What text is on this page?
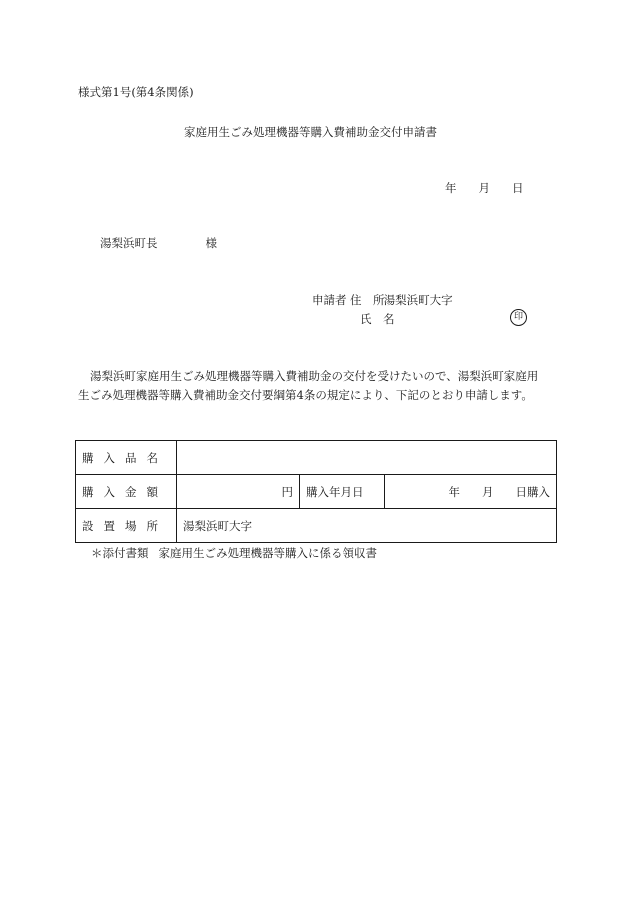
様式第1号(第4条関係)
家庭用生ごみ処理機器等購入費補助金交付申請書
年 月 日
湯梨浜町長	様
申請者 住　所 湯梨浜町大字
氏　名	印
湯梨浜町家庭用生ごみ処理機器等購入費補助金の交付を受けたいので、湯梨浜町家庭用生ごみ処理機器等購入費補助金交付要綱第4条の規定により、下記のとおり申請します。
購入品名			
購入金額	円	購入年月日	年 月 日購入
設置場所	湯梨浜町大字		
＊添付書類 家庭用生ごみ処理機器等購入に係る領収書
